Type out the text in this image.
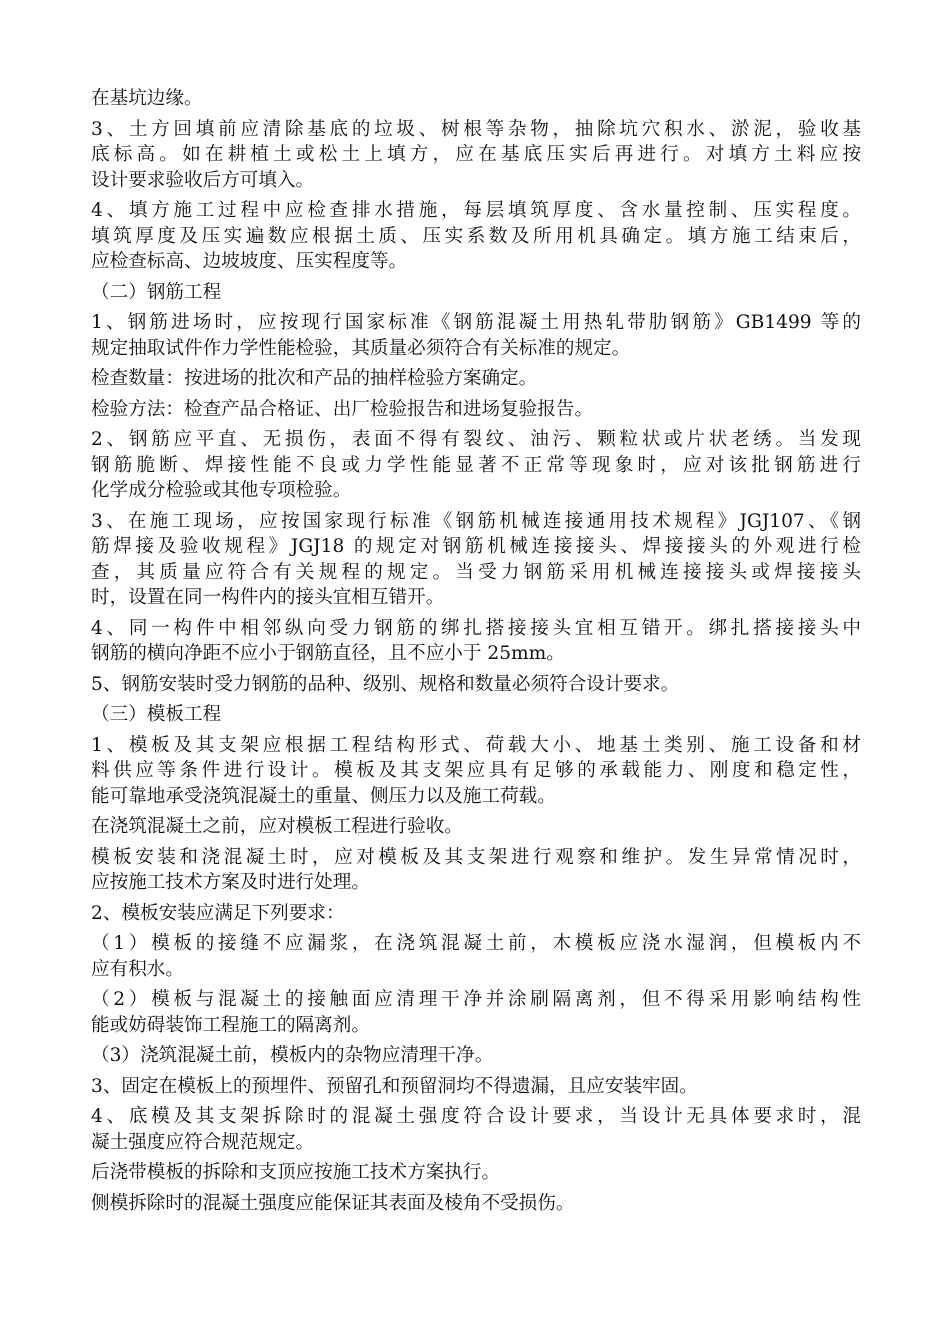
在基坑边缘。
3、土方回填前应清除基底的垃圾、树根等杂物，抽除坑穴积水、淤泥，验收基
底标高。如在耕植土或松土上填方，应在基底压实后再进行。对填方土料应按
设计要求验收后方可填入。
4、填方施工过程中应检查排水措施，每层填筑厚度、含水量控制、压实程度。
填筑厚度及压实遍数应根据土质、压实系数及所用机具确定。填方施工结束后，
应检查标高、边坡坡度、压实程度等。
（二）钢筋工程
1、钢筋进场时，应按现行国家标准《钢筋混凝土用热轧带肋钢筋》GB1499 等的
规定抽取试件作力学性能检验，其质量必须符合有关标准的规定。
检查数量：按进场的批次和产品的抽样检验方案确定。
检验方法：检查产品合格证、出厂检验报告和进场复验报告。
2、钢筋应平直、无损伤，表面不得有裂纹、油污、颗粒状或片状老绣。当发现
钢筋脆断、焊接性能不良或力学性能显著不正常等现象时，应对该批钢筋进行
化学成分检验或其他专项检验。
3、在施工现场，应按国家现行标准《钢筋机械连接通用技术规程》JGJ107、《钢
筋焊接及验收规程》JGJ18 的规定对钢筋机械连接接头、焊接接头的外观进行检
查，其质量应符合有关规程的规定。当受力钢筋采用机械连接接头或焊接接头
时，设置在同一构件内的接头宜相互错开。
4、同一构件中相邻纵向受力钢筋的绑扎搭接接头宜相互错开。绑扎搭接接头中
钢筋的横向净距不应小于钢筋直径，且不应小于 25mm。
5、钢筋安装时受力钢筋的品种、级别、规格和数量必须符合设计要求。
（三）模板工程
1、模板及其支架应根据工程结构形式、荷载大小、地基土类别、施工设备和材
料供应等条件进行设计。模板及其支架应具有足够的承载能力、刚度和稳定性，
能可靠地承受浇筑混凝土的重量、侧压力以及施工荷载。
在浇筑混凝土之前，应对模板工程进行验收。
模板安装和浇混凝土时，应对模板及其支架进行观察和维护。发生异常情况时，
应按施工技术方案及时进行处理。
2、模板安装应满足下列要求：
（1）模板的接缝不应漏浆，在浇筑混凝土前，木模板应浇水湿润，但模板内不
应有积水。
（2）模板与混凝土的接触面应清理干净并涂刷隔离剂，但不得采用影响结构性
能或妨碍装饰工程施工的隔离剂。
（3）浇筑混凝土前，模板内的杂物应清理干净。
3、固定在模板上的预埋件、预留孔和预留洞均不得遗漏，且应安装牢固。
4、底模及其支架拆除时的混凝土强度符合设计要求，当设计无具体要求时，混
凝土强度应符合规范规定。
后浇带模板的拆除和支顶应按施工技术方案执行。
侧模拆除时的混凝土强度应能保证其表面及棱角不受损伤。
